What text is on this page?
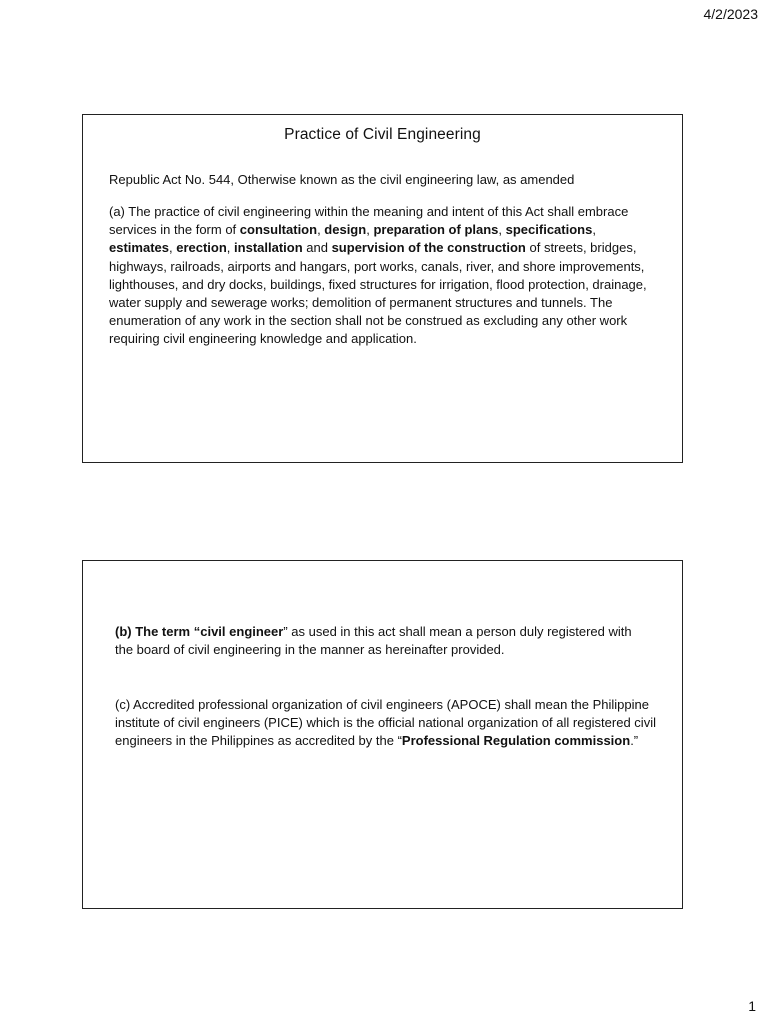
4/2/2023
Practice of Civil Engineering
Republic Act No. 544, Otherwise known as the civil engineering law, as amended
(a) The practice of civil engineering within the meaning and intent of this Act shall embrace services in the form of consultation, design, preparation of plans, specifications, estimates, erection, installation and supervision of the construction of streets, bridges, highways, railroads, airports and hangars, port works, canals, river, and shore improvements, lighthouses, and dry docks, buildings, fixed structures for irrigation, flood protection, drainage, water supply and sewerage works; demolition of permanent structures and tunnels. The enumeration of any work in the section shall not be construed as excluding any other work requiring civil engineering knowledge and application.
(b) The term “civil engineer” as used in this act shall mean a person duly registered with the board of civil engineering in the manner as hereinafter provided.
(c) Accredited professional organization of civil engineers (APOCE) shall mean the Philippine institute of civil engineers (PICE) which is the official national organization of all registered civil engineers in the Philippines as accredited by the “Professional Regulation commission.”
1
